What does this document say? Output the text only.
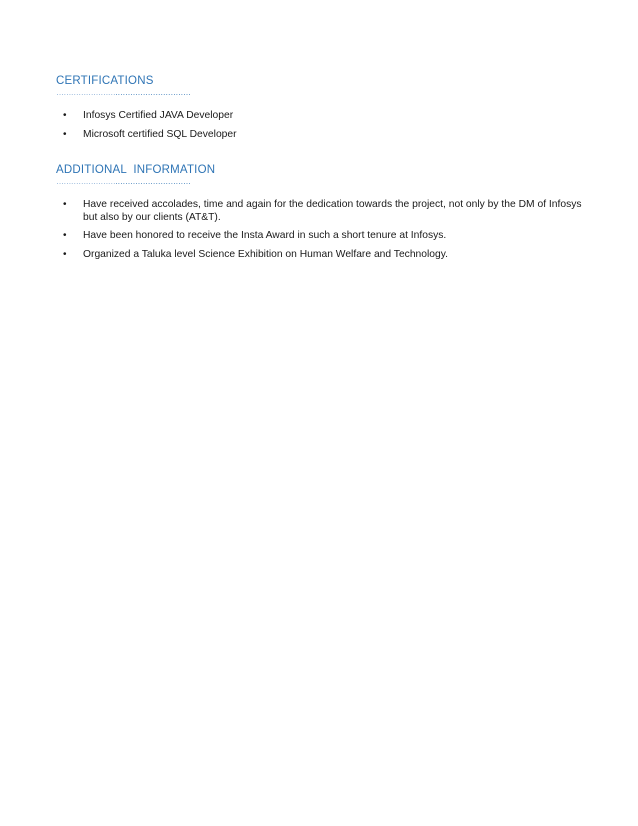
CERTIFICATIONS
……………………..............................
• Infosys Certified JAVA Developer
• Microsoft certified SQL Developer
ADDITIONAL  INFORMATION
……………………..............................
• Have received accolades, time and again for the dedication towards the project, not only by the DM of Infosys but also by our clients (AT&T).
• Have been honored to receive the Insta Award in such a short tenure at Infosys.
• Organized a Taluka level Science Exhibition on Human Welfare and Technology.
